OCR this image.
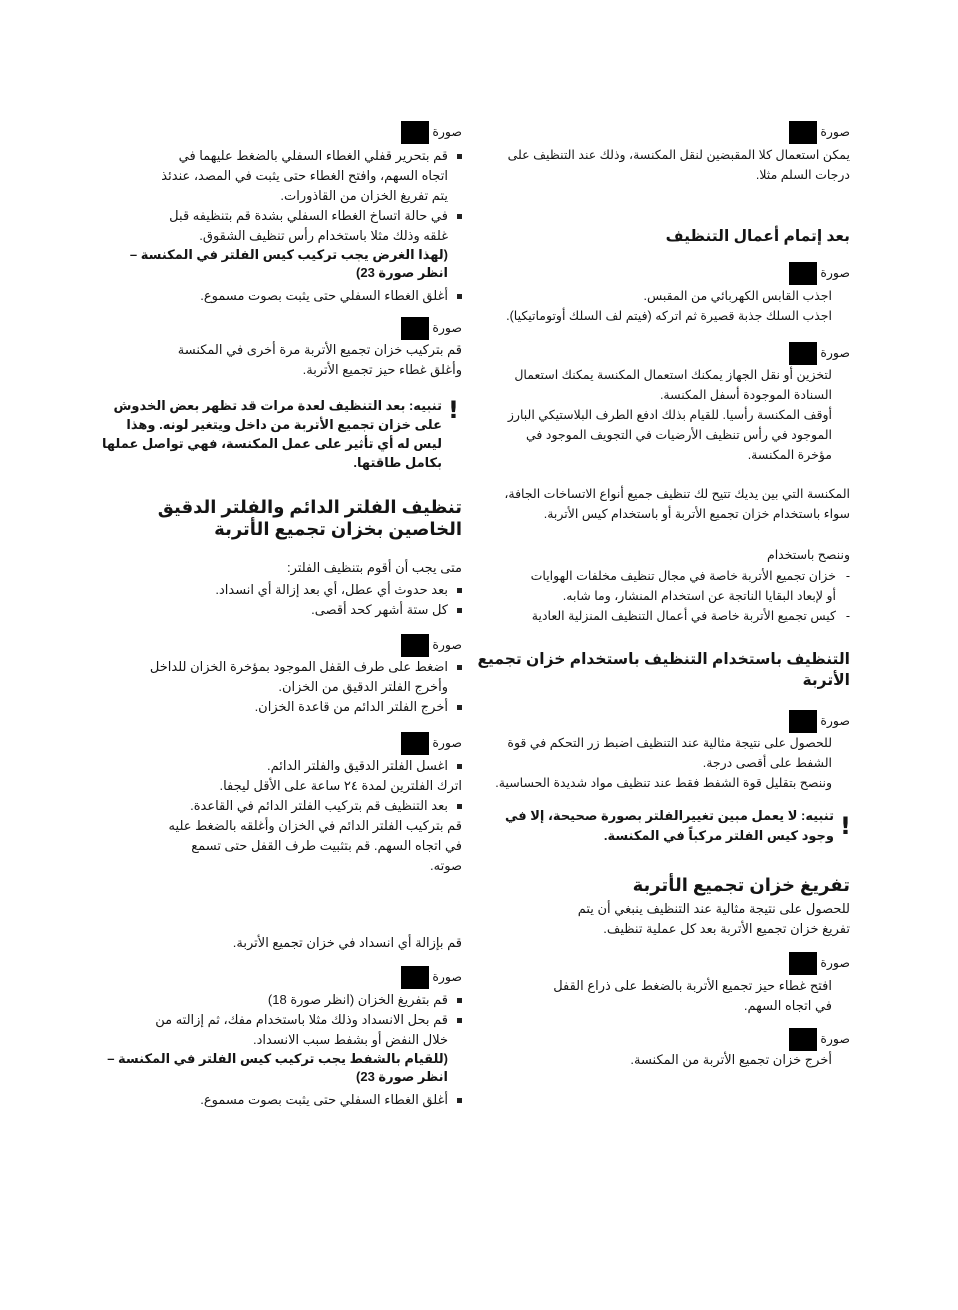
صورة
يمكن استعمال كلا المقبضين لنقل المكنسة، وذلك عند التنظيف على
درجات السلم مثلا.
بعد إتمام أعمال التنظيف
صورة
اجذب القابس الكهربائي من المقبس.
اجذب السلك جذبة قصيرة ثم اتركه (فيتم لف السلك أوتوماتيكيا).
صورة
لتخزين أو نقل الجهاز يمكنك استعمال المكنسة يمكنك استعمال
السنادة الموجودة أسفل المكنسة.
أوقف المكنسة رأسيا. للقيام بذلك ادفع الطرف البلاستيكي البارز
الموجود في رأس تنظيف الأرضيات في التجويف الموجود في
مؤخرة المكنسة.
المكنسة التي بين يديك تتيح لك تنظيف جميع أنواع الاتساخات الجافة،
سواء باستخدام خزان تجميع الأتربة أو باستخدام كيس الأتربة.
وننصح باستخدام
- خزان تجميع الأتربة خاصة في مجال تنظيف مخلفات الهوايات
أو لإبعاد البقايا الناتجة عن استخدام المنشار، وما شابه.
- كيس تجميع الأتربة خاصة في أعمال التنظيف المنزلية العادية
التنظيف باستخدام التنظيف باستخدام خزان تجميع
الأتربة
صورة
للحصول على نتيجة مثالية عند التنظيف اضبط زر التحكم في قوة
الشفط على أقصى درجة.
وننصح بتقليل قوة الشفط فقط عند تنظيف مواد شديدة الحساسية.
!
تنبيه: لا يعمل مبين تغييرالفلتر بصورة صحيحة، إلا في
وجود كيس الفلتر مركباً في المكنسة.
تفريغ خزان تجميع الأتربة
للحصول على نتيجة مثالية عند التنظيف ينبغي أن يتم
تفريغ خزان تجميع الأتربة بعد كل عملية تنظيف.
صورة
افتح غطاء حيز تجميع الأتربة بالضغط على ذراع القفل
في اتجاه السهم.
صورة
أخرج خزان تجميع الأتربة من المكنسة.
صورة
قم بتحرير قفلي الغطاء السفلي بالضغط عليهما في
اتجاه السهم، وافتح الغطاء حتى يثبت في المصد، عندئذ
يتم تفريغ الخزان من القاذورات.
في حالة اتساخ الغطاء السفلي بشدة قم بتنظيفه قبل
غلقه وذلك مثلا باستخدام رأس تنظيف الشقوق.
(لهذا الغرض يجب تركيب كيس الفلتر في المكنسة –
انظر صورة 23)
أغلق الغطاء السفلي حتى يثبت بصوت مسموع.
صورة
قم بتركيب خزان تجميع الأتربة مرة أخرى في المكنسة
وأغلق غطاء حيز تجميع الأتربة.
!
تنبيه: بعد التنظيف لعدة مرات قد تظهر بعض الخدوش
على خزان تجميع الأتربة من داخل ويتغير لونه. وهذا
ليس له أي تأثير على عمل المكنسة، فهي تواصل عملها
بكامل طاقتها.
تنظيف الفلتر الدائم والفلتر الدقيق
الخاصين بخزان تجميع الأتربة
متى يجب أن أقوم بتنظيف الفلتر:
بعد حدوث أي عطل، أي بعد إزالة أي انسداد.
كل ستة أشهر كحد أقصى.
صورة
اضغط على طرف القفل الموجود بمؤخرة الخزان للداخل
وأخرج الفلتر الدقيق من الخزان.
أخرج الفلتر الدائم من قاعدة الخزان.
صورة
اغسل الفلتر الدقيق والفلتر الدائم.
اترك الفلترين لمدة ٢٤ ساعة على الأقل ليجفا.
بعد التنظيف قم بتركيب الفلتر الدائم في القاعدة.
قم بتركيب الفلتر الدائم في الخزان وأغلقه بالضغط عليه
في اتجاه السهم. قم بتثبيت طرف القفل حتى تسمع
صوته.
قم بإزالة أي انسداد في خزان تجميع الأتربة.
صورة
قم بتفريغ الخزان (انظر صورة 18)
قم بحل الانسداد وذلك مثلا باستخدام مفك، ثم إزالته من
خلال النفض أو بشفط سبب الانسداد.
(للقيام بالشفط يجب تركيب كيس الفلتر في المكنسة –
انظر صورة 23)
أغلق الغطاء السفلي حتى يثبت بصوت مسموع.
